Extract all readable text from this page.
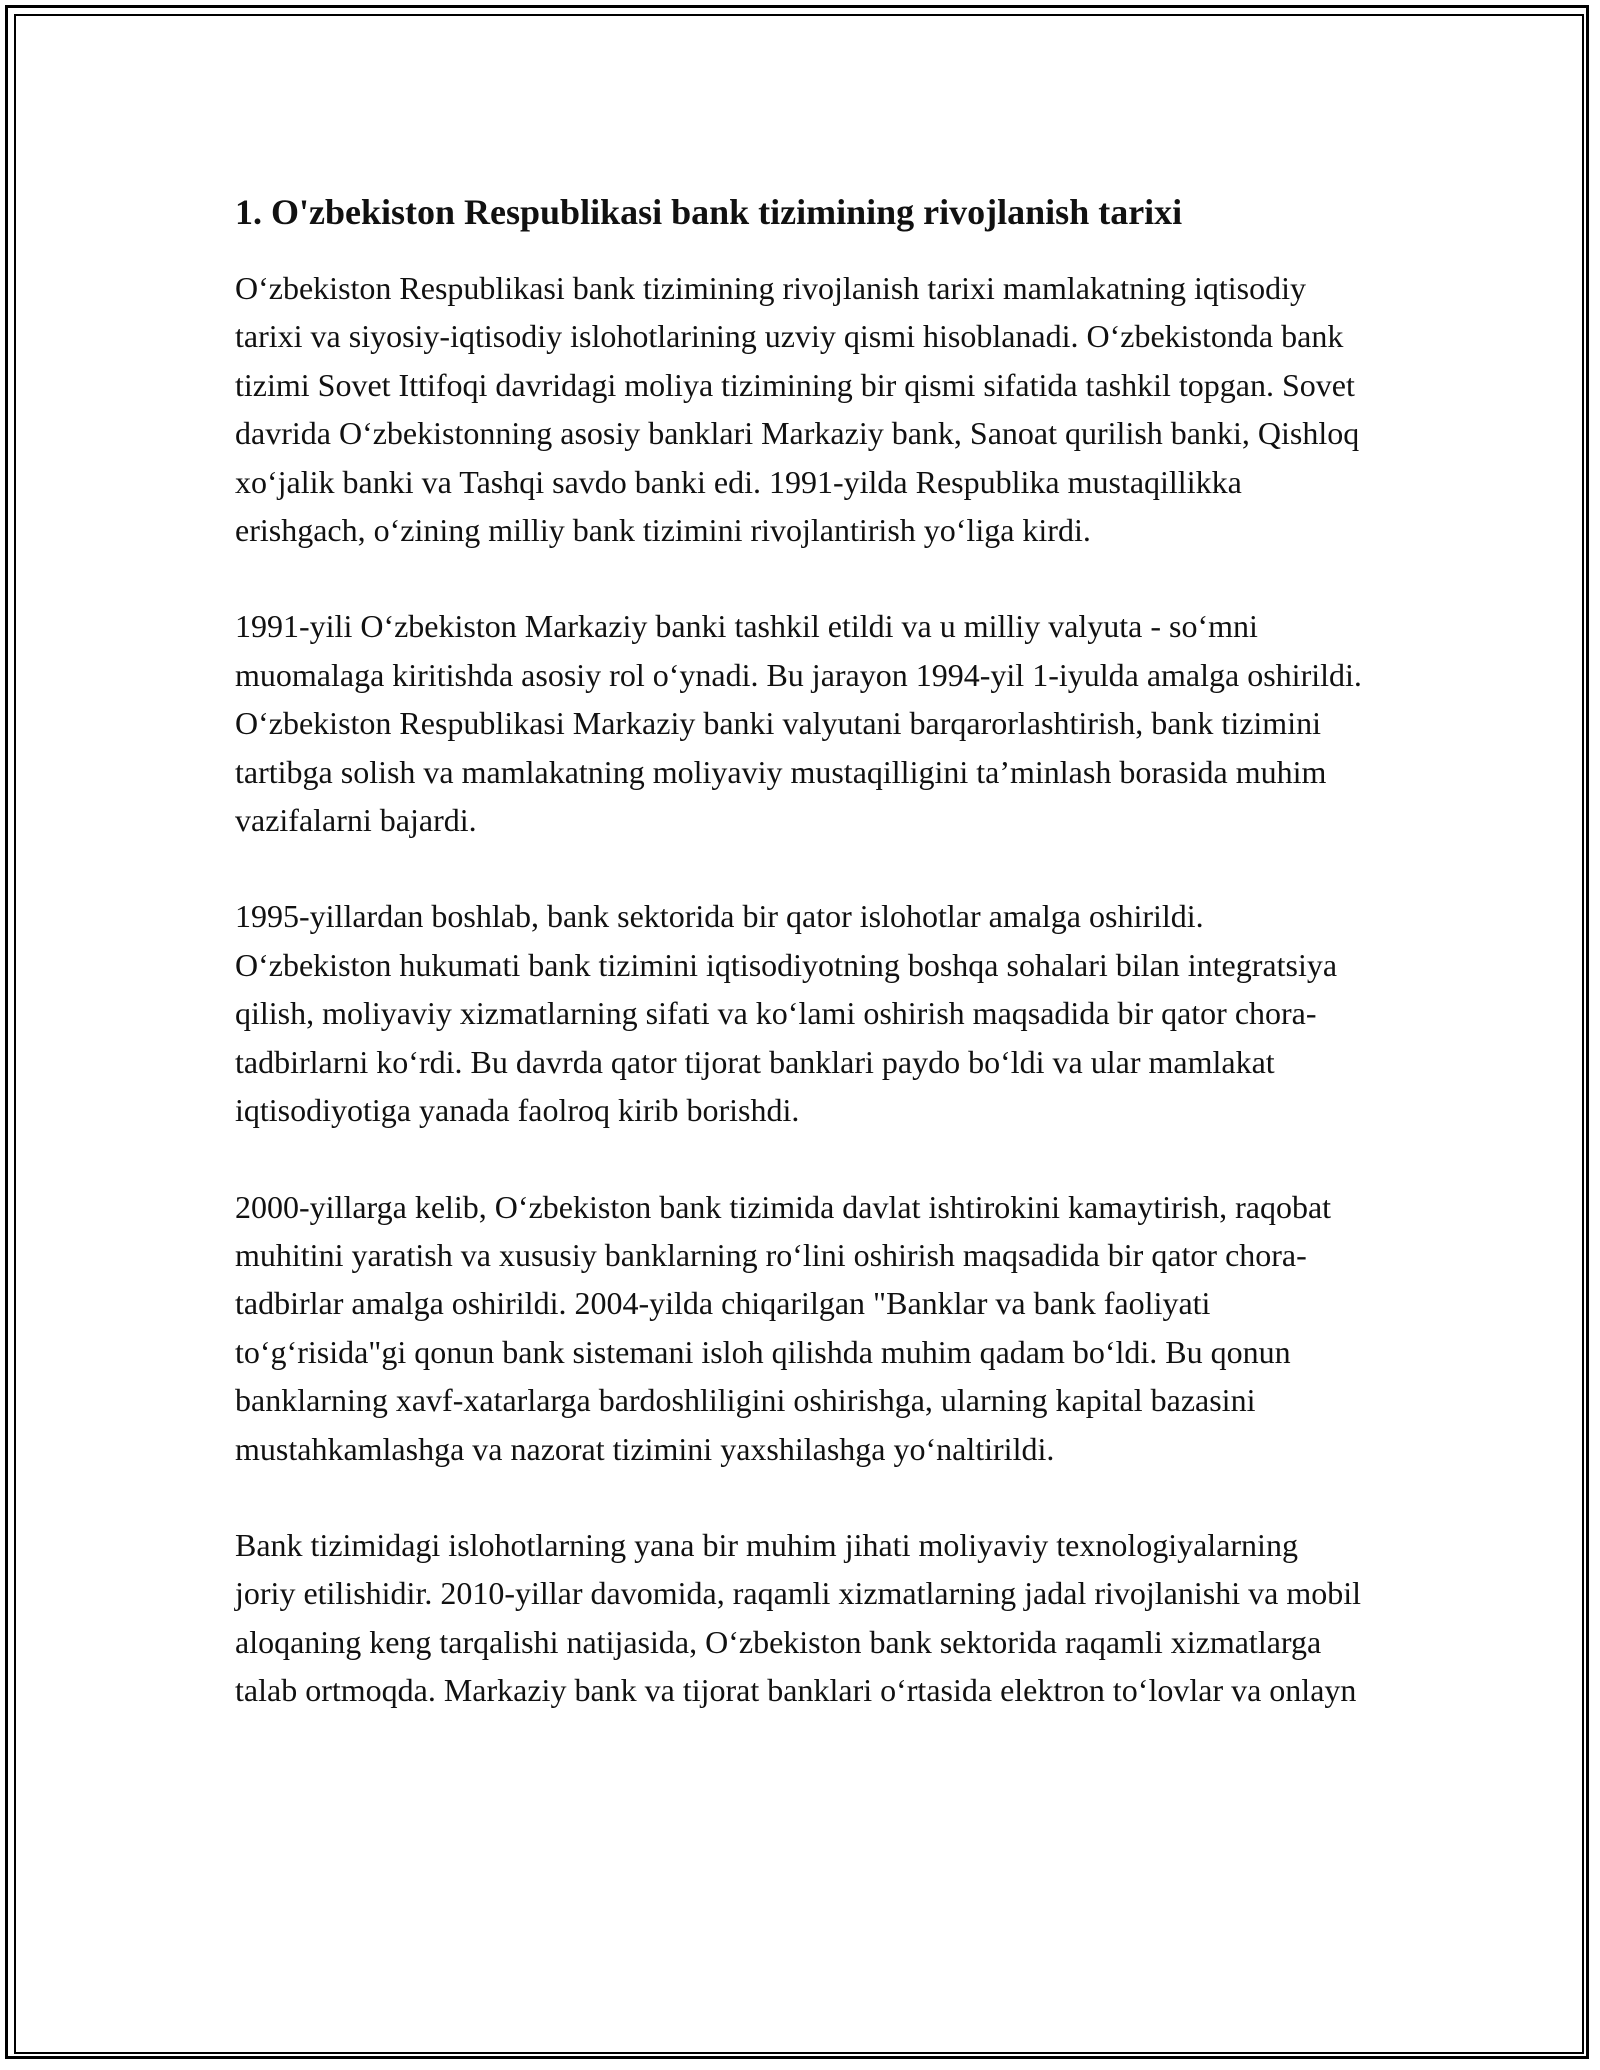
1. O'zbekiston Respublikasi bank tizimining rivojlanish tarixi

O‘zbekiston Respublikasi bank tizimining rivojlanish tarixi mamlakatning iqtisodiy tarixi va siyosiy-iqtisodiy islohotlarining uzviy qismi hisoblanadi. O‘zbekistonda bank tizimi Sovet Ittifoqi davridagi moliya tizimining bir qismi sifatida tashkil topgan. Sovet davrida O‘zbekistonning asosiy banklari Markaziy bank, Sanoat qurilish banki, Qishloq xo‘jalik banki va Tashqi savdo banki edi. 1991-yilda Respublika mustaqillikka erishgach, o‘zining milliy bank tizimini rivojlantirish yo‘liga kirdi.

1991-yili O‘zbekiston Markaziy banki tashkil etildi va u milliy valyuta - so‘mni muomalaga kiritishda asosiy rol o‘ynadi. Bu jarayon 1994-yil 1-iyulda amalga oshirildi. O‘zbekiston Respublikasi Markaziy banki valyutani barqarorlashtirish, bank tizimini tartibga solish va mamlakatning moliyaviy mustaqilligini ta’minlash borasida muhim vazifalarni bajardi.

1995-yillardan boshlab, bank sektorida bir qator islohotlar amalga oshirildi. O‘zbekiston hukumati bank tizimini iqtisodiyotning boshqa sohalari bilan integratsiya qilish, moliyaviy xizmatlarning sifati va ko‘lami oshirish maqsadida bir qator chora-tadbirlarni ko‘rdi. Bu davrda qator tijorat banklari paydo bo‘ldi va ular mamlakat iqtisodiyotiga yanada faolroq kirib borishdi.

2000-yillarga kelib, O‘zbekiston bank tizimida davlat ishtirokini kamaytirish, raqobat muhitini yaratish va xususiy banklarning ro‘lini oshirish maqsadida bir qator chora-tadbirlar amalga oshirildi. 2004-yilda chiqarilgan "Banklar va bank faoliyati to‘g‘risida"gi qonun bank sistemani isloh qilishda muhim qadam bo‘ldi. Bu qonun banklarning xavf-xatarlarga bardoshliligini oshirishga, ularning kapital bazasini mustahkamlashga va nazorat tizimini yaxshilashga yo‘naltirildi.

Bank tizimidagi islohotlarning yana bir muhim jihati moliyaviy texnologiyalarning joriy etilishidir. 2010-yillar davomida, raqamli xizmatlarning jadal rivojlanishi va mobil aloqaning keng tarqalishi natijasida, O‘zbekiston bank sektorida raqamli xizmatlarga talab ortmoqda. Markaziy bank va tijorat banklari o‘rtasida elektron to‘lovlar va onlayn
